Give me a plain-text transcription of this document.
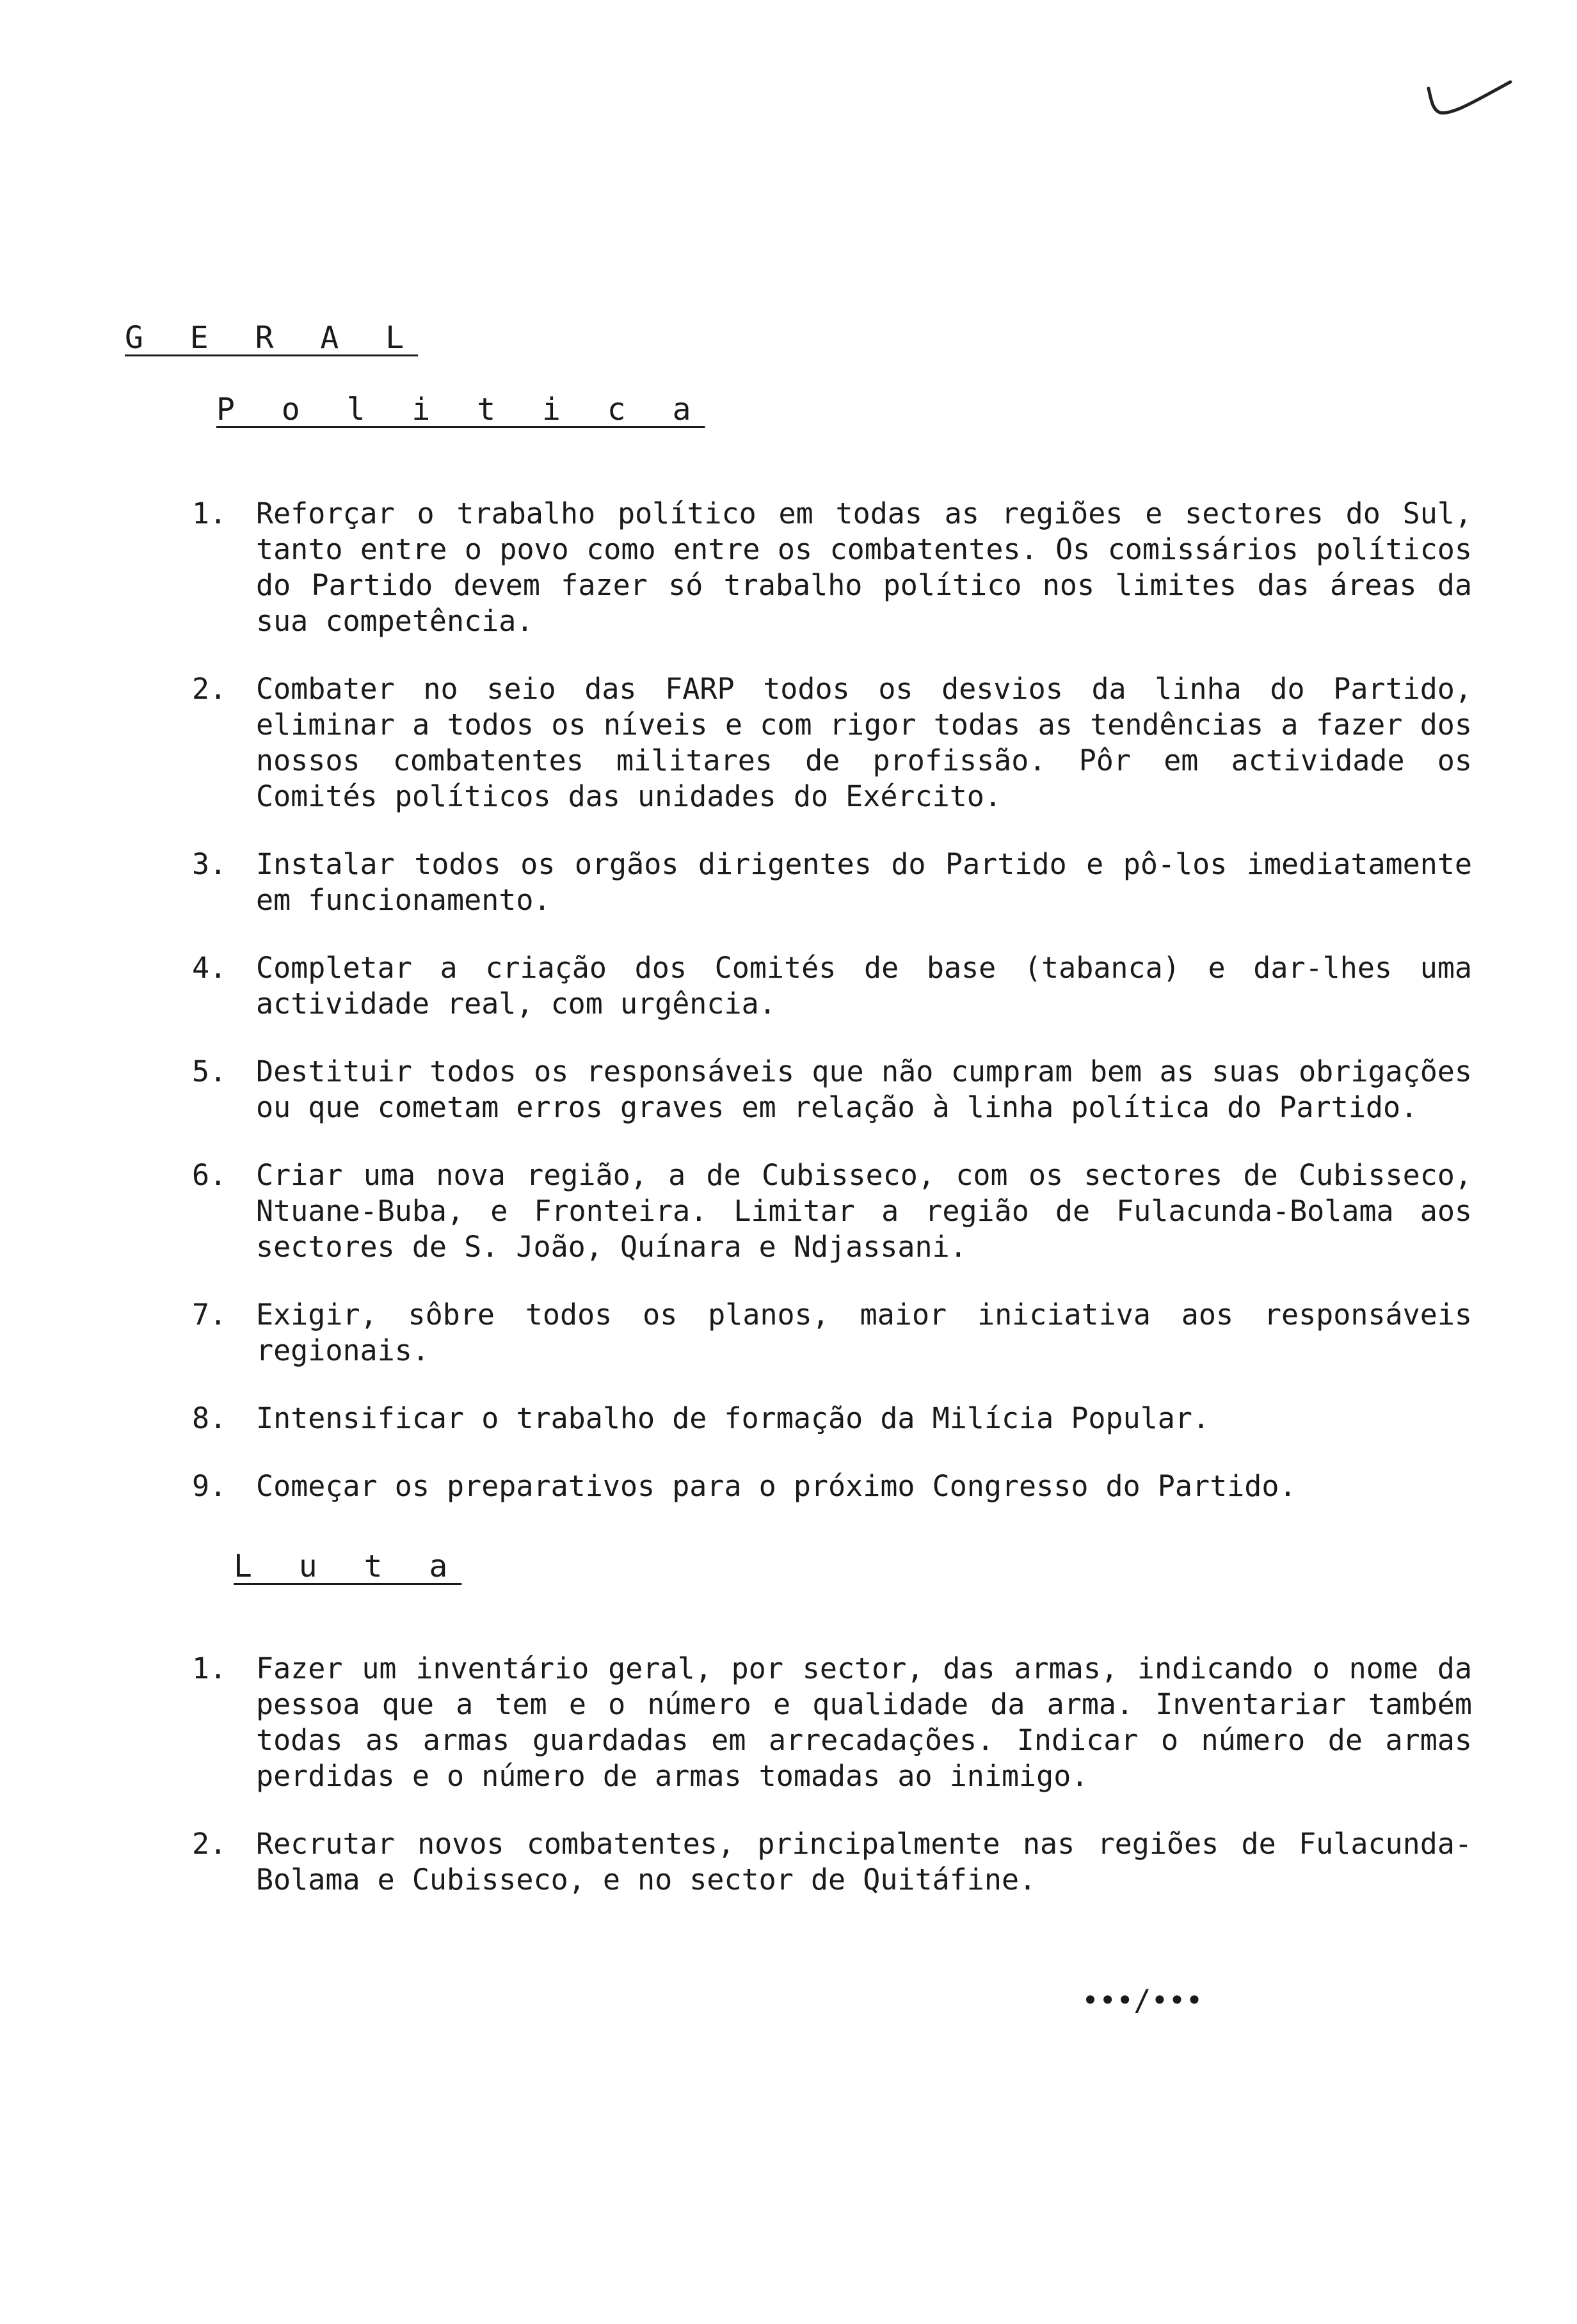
G E R A L
P o l i t i c a
1.	Reforçar o trabalho político em todas as regiões e sectores do Sul, tanto entre o povo como entre os combatentes. Os comissários políticos do Partido devem fazer só trabalho político nos limites das áreas da sua competência.
2.	Combater no seio das FARP todos os desvios da linha do Partido, eliminar a todos os níveis e com rigor todas as tendências a fazer dos nossos combatentes militares de profissão. Pôr em actividade os Comités políticos das unidades do Exército.
3.	Instalar todos os orgãos dirigentes do Partido e pô-los imediatamente em funcionamento.
4.	Completar a criação dos Comités de base (tabanca) e dar-lhes uma actividade real, com urgência.
5.	Destituir todos os responsáveis que não cumpram bem as suas obrigações ou que cometam erros graves em relação à linha política do Partido.
6.	Criar uma nova região, a de Cubisseco, com os sectores de Cubisseco, Ntuane-Buba, e Fronteira. Limitar a região de Fulacunda-Bolama aos sectores de S. João, Quínara e Ndjassani.
7.	Exigir, sôbre todos os planos, maior iniciativa aos responsáveis regionais.
8.	Intensificar o trabalho de formação da Milícia Popular.
9.	Começar os preparativos para o próximo Congresso do Partido.
L u t a
1.	Fazer um inventário geral, por sector, das armas, indicando o nome da pessoa que a tem e o número e qualidade da arma. Inventariar também todas as armas guardadas em arrecadações. Indicar o número de armas perdidas e o número de armas tomadas ao inimigo.
2.	Recrutar novos combatentes, principalmente nas regiões de Fulacunda-Bolama e Cubisseco, e no sector de Quitáfine.
•••/•••
